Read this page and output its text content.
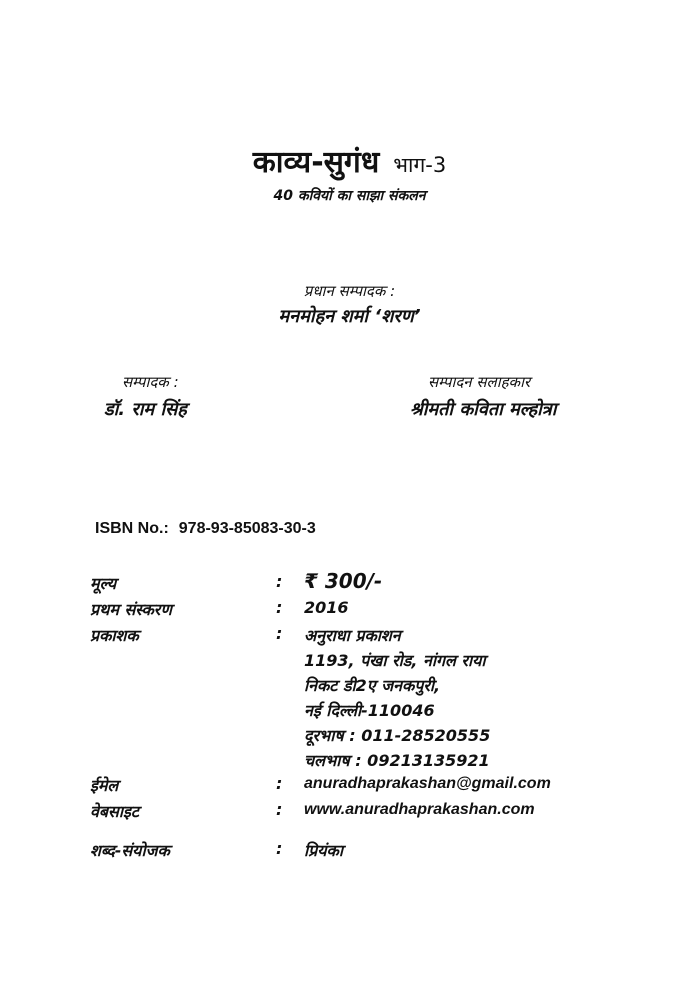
काव्य-सुगंध भाग-3
40 कवियों का साझा संकलन
प्रधान सम्पादक :
मनमोहन शर्मा ‘शरण’
सम्पादक :
डॉ. राम सिंह
सम्पादन सलाहकार
श्रीमती कविता मल्होत्रा
ISBN No.: 978-93-85083-30-3
मूल्य	: ₹ 300/-
प्रथम संस्करण	: 2016
प्रकाशक	: अनुराधा प्रकाशन
1193, पंखा रोड, नांगल राया
निकट डी2ए जनकपुरी,
नई दिल्ली-110046
दूरभाष : 011-28520555
चलभाष : 09213135921
ईमेल	: anuradhaprakashan@gmail.com
वेबसाइट	: www.anuradhaprakashan.com
शब्द-संयोजक	: प्रियंका
